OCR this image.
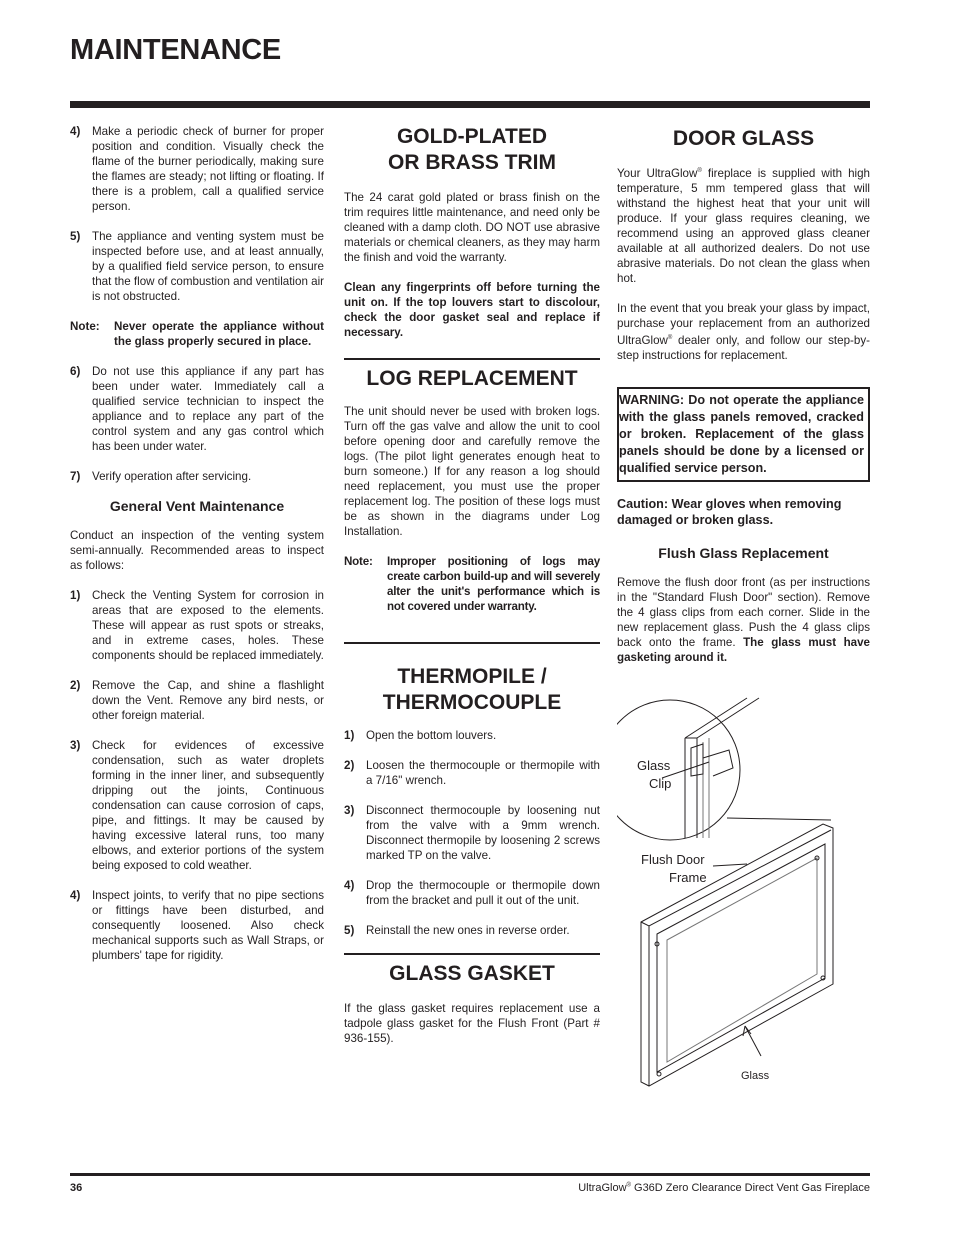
MAINTENANCE
4)	Make a periodic check of burner for proper position and condition. Visually check the flame of the burner periodically, making sure the flames are steady; not lifting or floating. If there is a problem, call a qualified service person.
5)	The appliance and venting system must be inspected before use, and at least annually, by a qualified field service person, to ensure that the flow of combustion and ventilation air is not obstructed.
Note:	Never operate the appliance without the glass properly secured in place.
6)	Do not use this appliance if any part has been under water. Immediately call a qualified service technician to inspect the appliance and to replace any part of the control system and any gas control which has been under water.
7)	Verify operation after servicing.
General Vent Maintenance

Conduct an inspection of the venting system semi-annually. Recommended areas to inspect as follows:

1)	Check the Venting System for corrosion in areas that are exposed to the elements. These will appear as rust spots or streaks, and in extreme cases, holes. These components should be replaced immediately.
2)	Remove the Cap, and shine a flashlight down the Vent. Remove any bird nests, or other foreign material.
3)	Check for evidences of excessive condensation, such as water droplets forming in the inner liner, and subsequently dripping out the joints, Continuous condensation can cause corrosion of caps, pipe, and fittings. It may be caused by having excessive lateral runs, too many elbows, and exterior portions of the system being exposed to cold weather.
4)	Inspect joints, to verify that no pipe sections or fittings have been disturbed, and consequently loosened. Also check mechanical supports such as Wall Straps, or plumbers' tape for rigidity.
GOLD-PLATED
OR BRASS TRIM

The 24 carat gold plated or brass finish on the trim requires little maintenance, and need only be cleaned with a damp cloth. DO NOT use abrasive materials or chemical cleaners, as they may harm the finish and void the warranty.

Clean any fingerprints off before turning the unit on. If the top louvers start to discolour, check the door gasket seal and replace if necessary.

LOG REPLACEMENT

The unit should never be used with broken logs. Turn off the gas valve and allow the unit to cool before opening door and carefully remove the logs. (The pilot light generates enough heat to burn someone.) If for any reason a log should need replacement, you must use the proper replacement log. The position of these logs must be as shown in the diagrams under Log Installation.

Note:	Improper positioning of logs may create carbon build-up and will severely alter the unit's performance which is not covered under warranty.
THERMOPILE /
THERMOCOUPLE
1)	Open the bottom louvers.
2)	Loosen the thermocouple or thermopile with a 7/16" wrench.
3)	Disconnect thermocouple by loosening nut from the valve with a 9mm wrench. Disconnect thermopile by loosening 2 screws marked TP on the valve.
4)	Drop the thermocouple or thermopile down from the bracket and pull it out of the unit.
5)	Reinstall the new ones in reverse order.
GLASS GASKET

If the glass gasket requires replacement use a tadpole glass gasket for the Flush Front (Part # 936-155).

DOOR GLASS

Your UltraGlow® fireplace is supplied with high temperature, 5 mm tempered glass that will withstand the highest heat that your unit will produce. If your glass requires cleaning, we recommend using an approved glass cleaner available at all authorized dealers. Do not use abrasive materials. Do not clean the glass when hot.

In the event that you break your glass by impact, purchase your replacement from an authorized UltraGlow® dealer only, and follow our step-by-step instructions for replacement.

WARNING: Do not operate the appliance with the glass panels removed, cracked or broken. Replacement of the glass panels should be done by a licensed or qualified service person.
Caution: Wear gloves when removing damaged or broken glass.
Flush Glass Replacement

Remove the flush door front (as per instructions in the "Standard Flush Door" section). Remove the 4 glass clips from each corner. Slide in the new replacement glass. Push the 4 glass clips back onto the frame. The glass must have gasketing around it.

Glass
Clip
Flush Door
Frame
Glass
36	UltraGlow® G36D Zero Clearance Direct Vent Gas Fireplace
